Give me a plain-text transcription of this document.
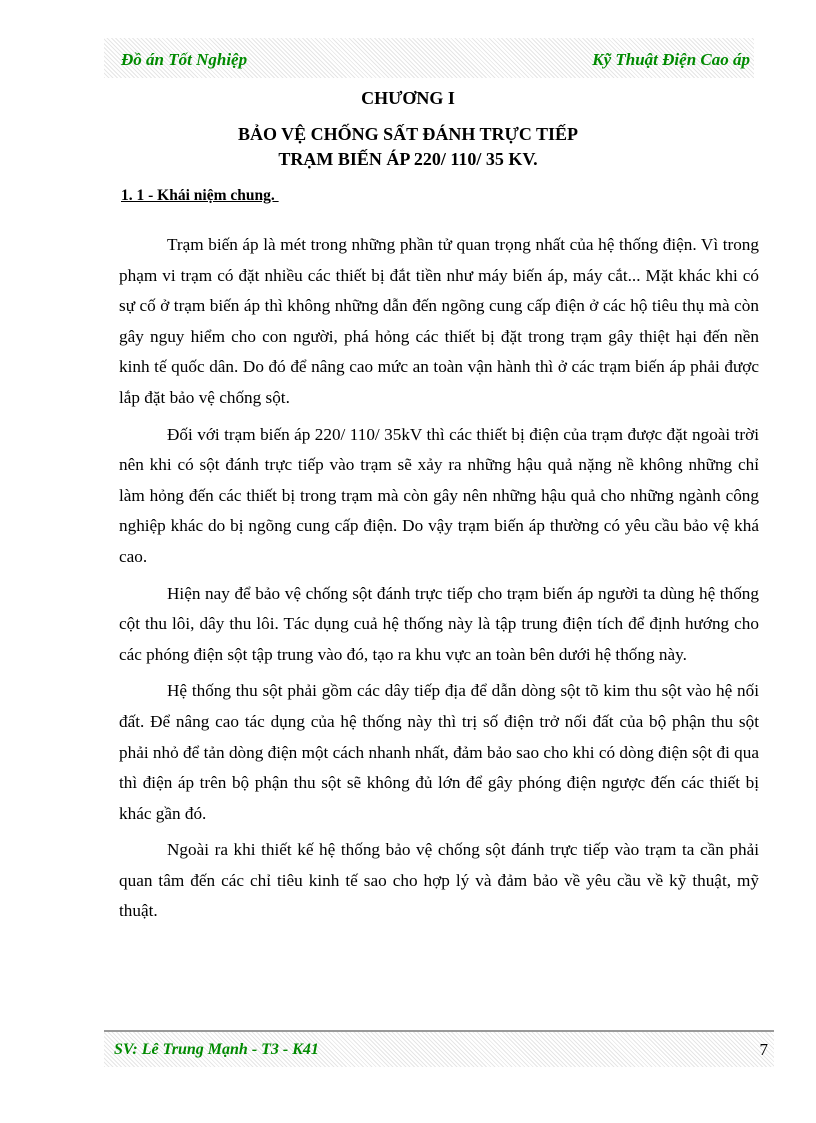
Đồ án Tốt Nghiệp	Kỹ Thuật Điện Cao áp
CHƯƠNG I
BẢO VỆ CHỐNG SẤT ĐÁNH TRỰC TIẾP
TRẠM BIẾN ÁP 220/ 110/ 35 KV.
1. 1 - Khái niệm chung.

Trạm biến áp là mét trong những phần tử quan trọng nhất của hệ thống điện. Vì trong phạm vi trạm có đặt nhiều các thiết bị đắt tiền như máy biến áp, máy cắt... Mặt khác khi có sự cố ở trạm biến áp thì không những dẫn đến ngõng cung cấp điện ở các hộ tiêu thụ mà còn gây nguy hiểm cho con người, phá hỏng các thiết bị đặt trong trạm gây thiệt hại đến nền kinh tế quốc dân. Do đó để nâng cao mức an toàn vận hành thì ở các trạm biến áp phải được lắp đặt bảo vệ chống sột.

Đối với trạm biến áp 220/ 110/ 35kV thì các thiết bị điện của trạm được đặt ngoài trời nên khi có sột đánh trực tiếp vào trạm sẽ xảy ra những hậu quả nặng nề không những chỉ làm hỏng đến các thiết bị trong trạm mà còn gây nên những hậu quả cho những ngành công nghiệp khác do bị ngõng cung cấp điện. Do vậy trạm biến áp thường có yêu cầu bảo vệ khá cao.

Hiện nay để bảo vệ chống sột đánh trực tiếp cho trạm biến áp người ta dùng hệ thống cột thu lôi, dây thu lôi. Tác dụng cuả hệ thống này là tập trung điện tích để định hướng cho các phóng điện sột tập trung vào đó, tạo ra khu vực an toàn bên dưới hệ thống này.

Hệ thống thu sột phải gồm các dây tiếp địa để dẫn dòng sột tõ kim thu sột vào hệ nối đất. Để nâng cao tác dụng của hệ thống này thì trị số điện trở nối đất của bộ phận thu sột phải nhỏ để tản dòng điện một cách nhanh nhất, đảm bảo sao cho khi có dòng điện sột đi qua thì điện áp trên bộ phận thu sột sẽ không đủ lớn để gây phóng điện ngược đến các thiết bị khác gần đó.

Ngoài ra khi thiết kế hệ thống bảo vệ chống sột đánh trực tiếp vào trạm ta cần phải quan tâm đến các chỉ tiêu kinh tế sao cho hợp lý và đảm bảo về yêu cầu về kỹ thuật, mỹ thuật.

SV: Lê Trung Mạnh - T3 - K41	7
